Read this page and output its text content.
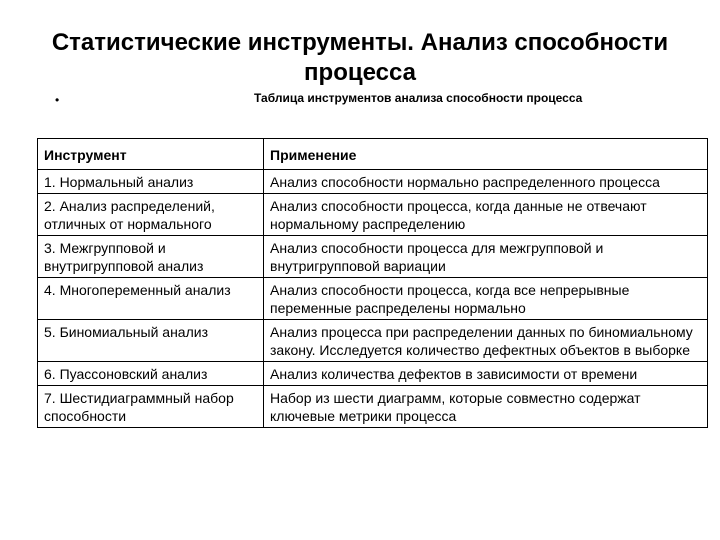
Статистические инструменты. Анализ способности
процесса
•	Таблица инструментов анализа способности процесса
Инструмент	Применение
1. Нормальный анализ	Анализ способности нормально распределенного процесса
2. Анализ распределений, отличных от нормального	Анализ способности процесса, когда данные не отвечают нормальному распределению
3. Межгрупповой и внутригрупповой анализ	Анализ способности процесса для межгрупповой и внутригрупповой вариации
4. Многопеременный анализ	Анализ способности процесса, когда все непрерывные переменные распределены нормально
5. Биномиальный анализ	Анализ процесса при распределении данных по биномиальному закону. Исследуется количество дефектных объектов в выборке
6. Пуассоновский анализ	Анализ количества дефектов в зависимости от времени
7. Шестидиаграммный набор способности	Набор из шести диаграмм, которые совместно содержат ключевые метрики процесса
